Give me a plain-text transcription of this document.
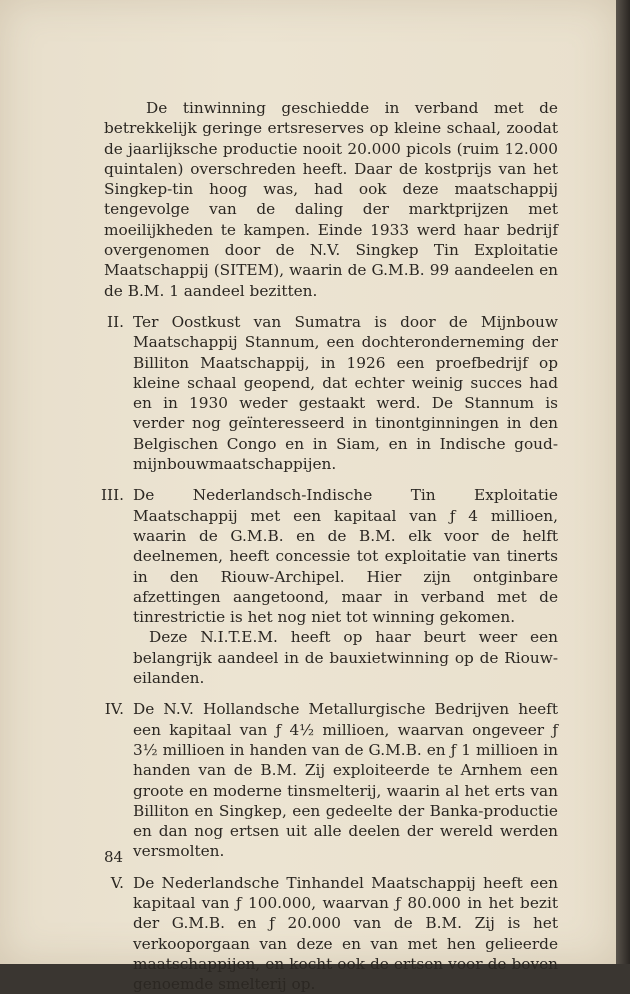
De tinwinning geschiedde in verband met de betrekkelijk geringe ertsreserves op kleine schaal, zoodat de jaarlijksche productie nooit 20.000 picols (ruim 12.000 quintalen) overschreden heeft. Daar de kostprijs van het Singkep-tin hoog was, had ook deze maatschappij tengevolge van de daling der marktprijzen met moeilijkheden te kampen. Einde 1933 werd haar bedrijf overgenomen door de N.V. Singkep Tin Exploitatie Maatschappij (SITEM), waarin de G.M.B. 99 aandeelen en de B.M. 1 aandeel bezitten.

II. Ter Oostkust van Sumatra is door de Mijnbouw Maatschappij Stannum, een dochteronderneming der Billiton Maatschappij, in 1926 een proefbedrijf op kleine schaal geopend, dat echter weinig succes had en in 1930 weder gestaakt werd. De Stannum is verder nog geïnteresseerd in tinontginningen in den Belgischen Congo en in Siam, en in Indische goud-mijnbouwmaatschappijen.

III. De Nederlandsch-Indische Tin Exploitatie Maatschappij met een kapitaal van ƒ 4 millioen, waarin de G.M.B. en de B.M. elk voor de helft deelnemen, heeft concessie tot exploitatie van tinerts in den Riouw-Archipel. Hier zijn ontginbare afzettingen aangetoond, maar in verband met de tinrestrictie is het nog niet tot winning gekomen.

Deze N.I.T.E.M. heeft op haar beurt weer een belangrijk aandeel in de bauxietwinning op de Riouw-eilanden.

IV. De N.V. Hollandsche Metallurgische Bedrijven heeft een kapitaal van ƒ 4½ millioen, waarvan ongeveer ƒ 3½ millioen in handen van de G.M.B. en ƒ 1 millioen in handen van de B.M. Zij exploiteerde te Arnhem een groote en moderne tinsmelterij, waarin al het erts van Billiton en Singkep, een gedeelte der Banka-productie en dan nog ertsen uit alle deelen der wereld werden versmolten.

V. De Nederlandsche Tinhandel Maatschappij heeft een kapitaal van ƒ 100.000, waarvan ƒ 80.000 in het bezit der G.M.B. en ƒ 20.000 van de B.M. Zij is het verkooporgaan van deze en van met hen gelieerde maatschappijen, en kocht ook de ertsen voor de boven genoemde smelterij op.

84
